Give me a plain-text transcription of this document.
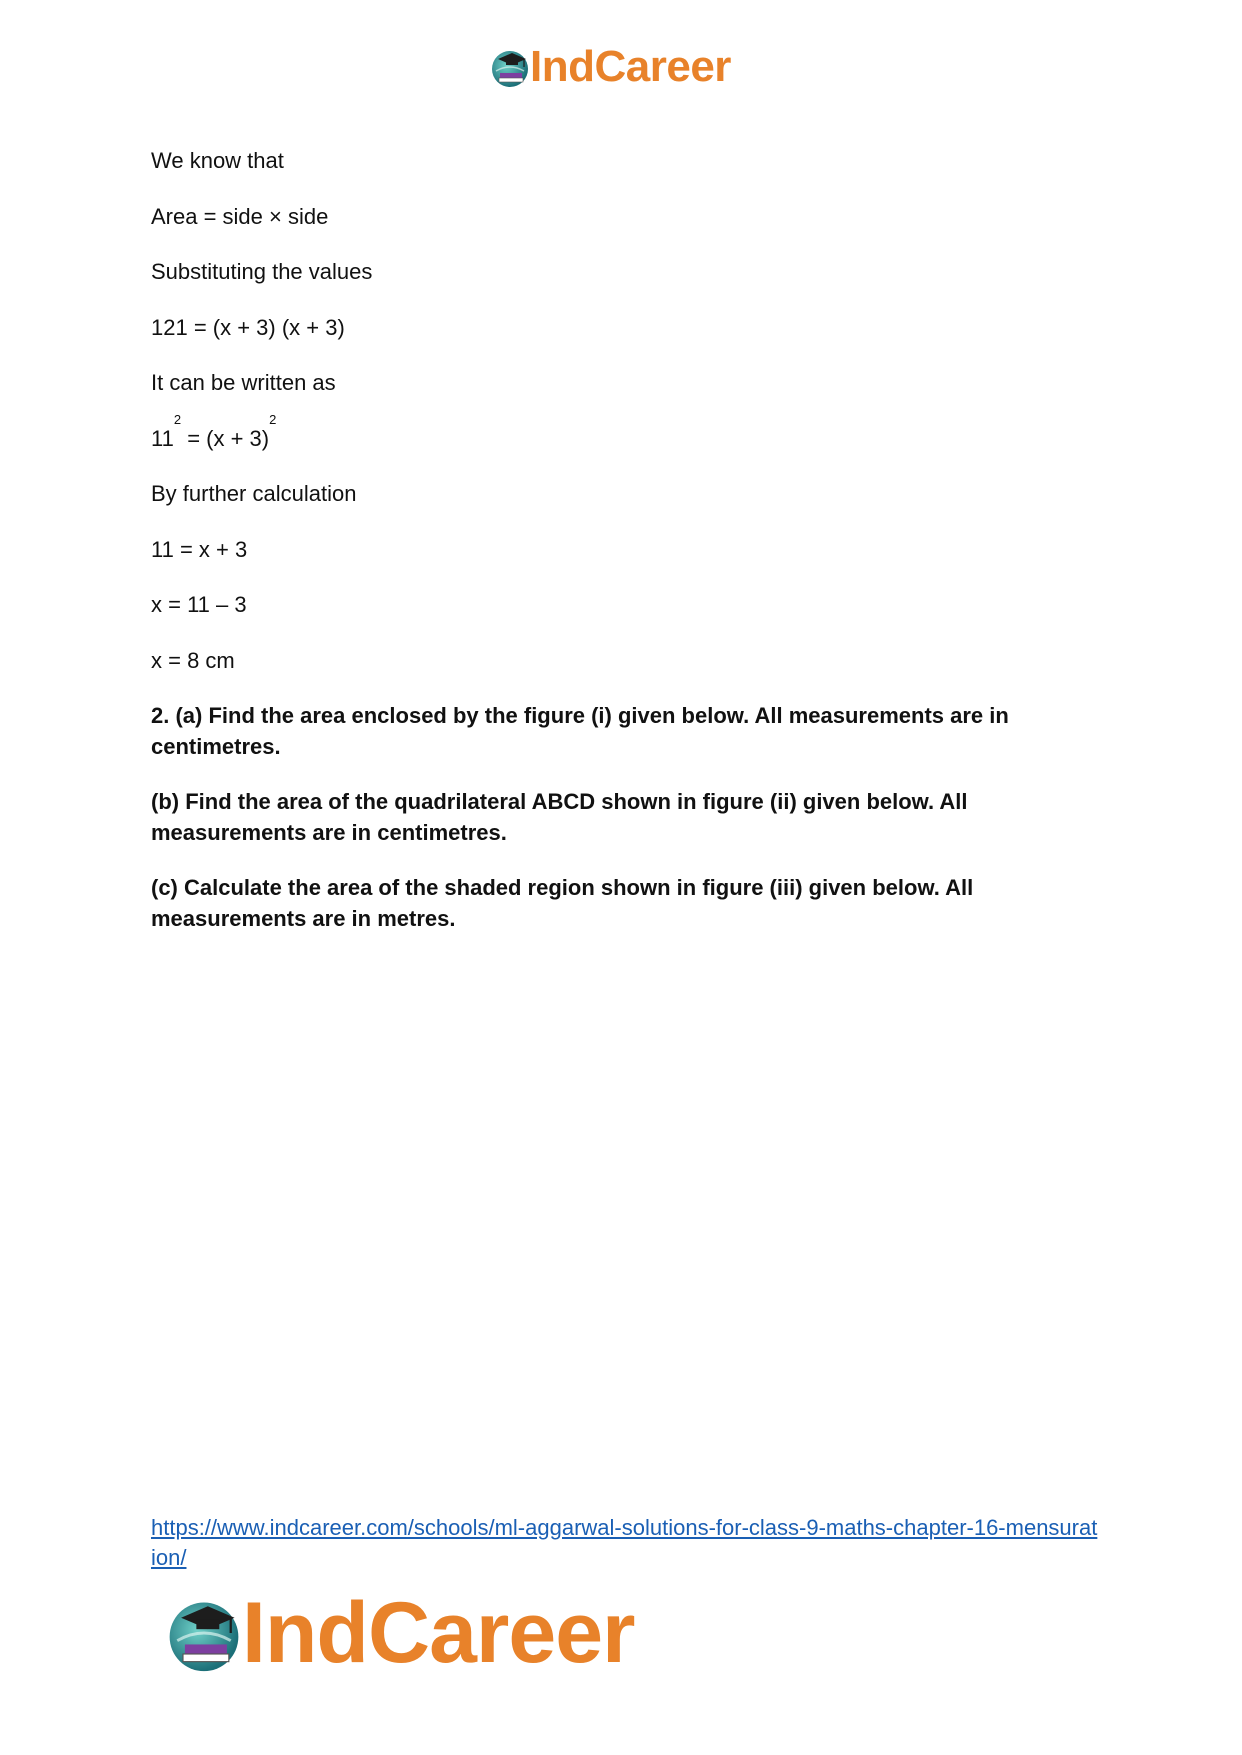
IndCareer
We know that
Area = side × side
Substituting the values
121 = (x + 3) (x + 3)
It can be written as
$11^2 = (x + 3)^2$
By further calculation
11 = x + 3
x = 11 – 3
x = 8 cm
2. (a) Find the area enclosed by the figure (i) given below. All measurements are in centimetres.
(b) Find the area of the quadrilateral ABCD shown in figure (ii) given below. All measurements are in centimetres.
(c) Calculate the area of the shaded region shown in figure (iii) given below. All measurements are in metres.
https://www.indcareer.com/schools/ml-aggarwal-solutions-for-class-9-maths-chapter-16-mensuration/
IndCareer
